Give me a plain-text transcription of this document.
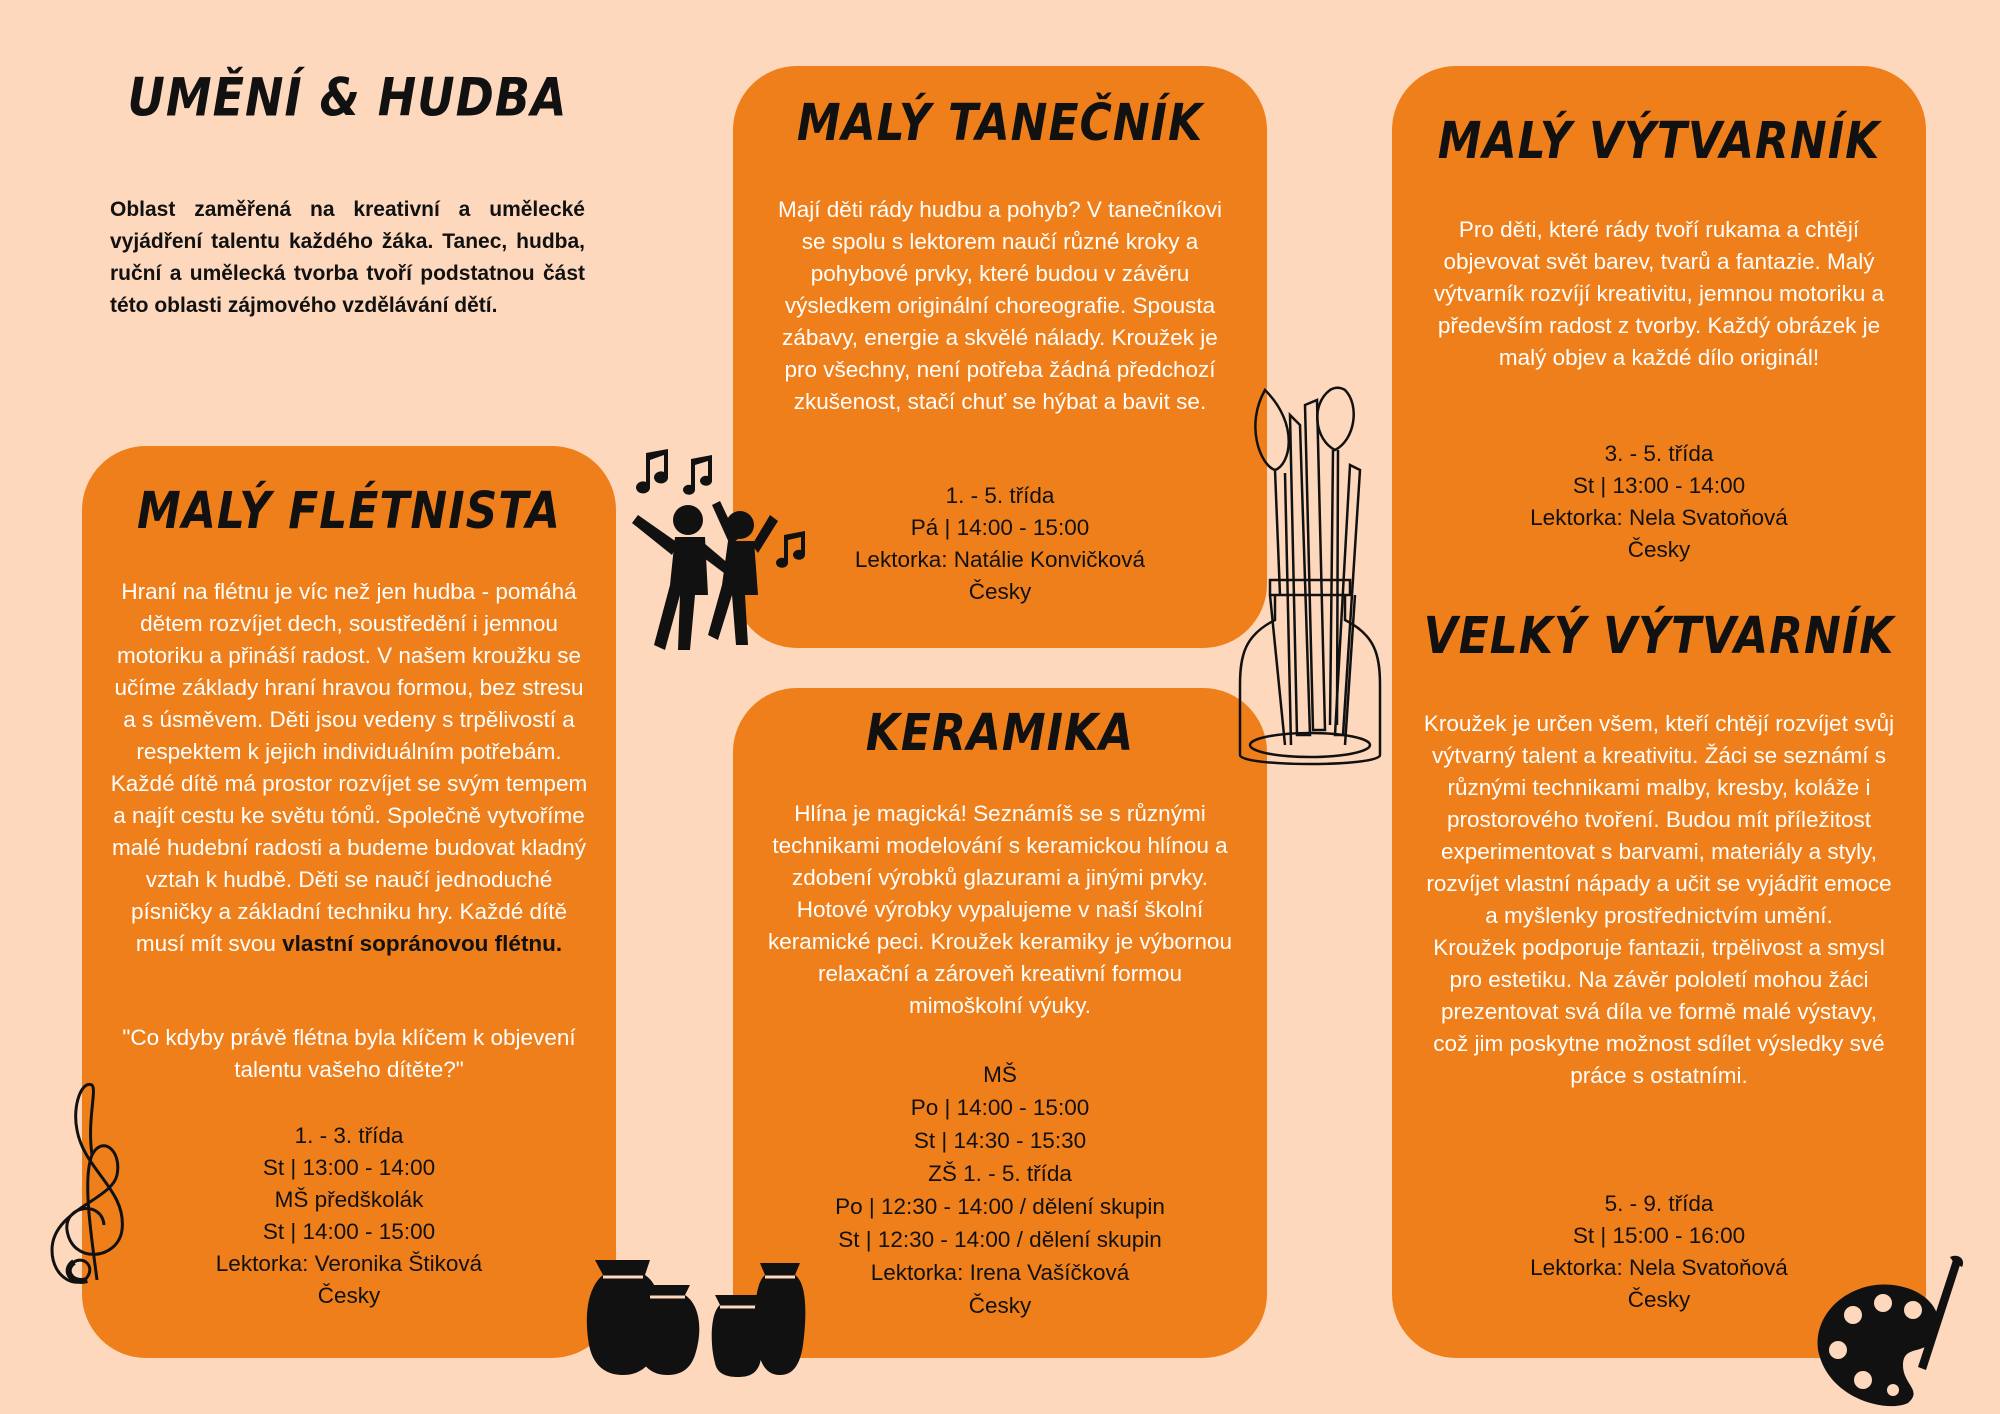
UMĚNÍ & HUDBA

Oblast zaměřená na kreativní a umělecké vyjádření talentu každého žáka. Tanec, hudba, ruční a umělecká tvorba tvoří podstatnou část této oblasti zájmového vzdělávání dětí.

MALÝ FLÉTNISTA
Hraní na flétnu je víc než jen hudba - pomáhá dětem rozvíjet dech, soustředění i jemnou motoriku a přináší radost. V našem kroužku se učíme základy hraní hravou formou, bez stresu a s úsměvem. Děti jsou vedeny s trpělivostí a respektem k jejich individuálním potřebám. Každé dítě má prostor rozvíjet se svým tempem a najít cestu ke světu tónů. Společně vytvoříme malé hudební radosti a budeme budovat kladný vztah k hudbě. Děti se naučí jednoduché písničky a základní techniku hry. Každé dítě musí mít svou vlastní sopránovou flétnu.
"Co kdyby právě flétna byla klíčem k objevení talentu vašeho dítěte?"
1. - 3. třída
St | 13:00 - 14:00
MŠ předškolák
St | 14:00 - 15:00
Lektorka: Veronika Štiková
Česky
MALÝ TANEČNÍK
Mají děti rády hudbu a pohyb? V tanečníkovi se spolu s lektorem naučí různé kroky a pohybové prvky, které budou v závěru výsledkem originální choreografie. Spousta zábavy, energie a skvělé nálady. Kroužek je pro všechny, není potřeba žádná předchozí zkušenost, stačí chuť se hýbat a bavit se.
1. - 5. třída
Pá | 14:00 - 15:00
Lektorka: Natálie Konvičková
Česky
KERAMIKA
Hlína je magická! Seznámíš se s různými technikami modelování s keramickou hlínou a zdobení výrobků glazurami a jinými prvky. Hotové výrobky vypalujeme v naší školní keramické peci. Kroužek keramiky je výbornou relaxační a zároveň kreativní formou mimoškolní výuky.
MŠ
Po | 14:00 - 15:00
St | 14:30 - 15:30
ZŠ 1. - 5. třída
Po | 12:30 - 14:00 / dělení skupin
St | 12:30 - 14:00 / dělení skupin
Lektorka: Irena Vašíčková
Česky
MALÝ VÝTVARNÍK
Pro děti, které rády tvoří rukama a chtějí objevovat svět barev, tvarů a fantazie. Malý výtvarník rozvíjí kreativitu, jemnou motoriku a především radost z tvorby. Každý obrázek je malý objev a každé dílo originál!
3. - 5. třída
St | 13:00 - 14:00
Lektorka: Nela Svatoňová
Česky
VELKÝ VÝTVARNÍK
Kroužek je určen všem, kteří chtějí rozvíjet svůj výtvarný talent a kreativitu. Žáci se seznámí s různými technikami malby, kresby, koláže i prostorového tvoření. Budou mít příležitost experimentovat s barvami, materiály a styly, rozvíjet vlastní nápady a učit se vyjádřit emoce a myšlenky prostřednictvím umění.
Kroužek podporuje fantazii, trpělivost a smysl pro estetiku. Na závěr pololetí mohou žáci prezentovat svá díla ve formě malé výstavy, což jim poskytne možnost sdílet výsledky své práce s ostatními.
5. - 9. třída
St | 15:00 - 16:00
Lektorka: Nela Svatoňová
Česky
